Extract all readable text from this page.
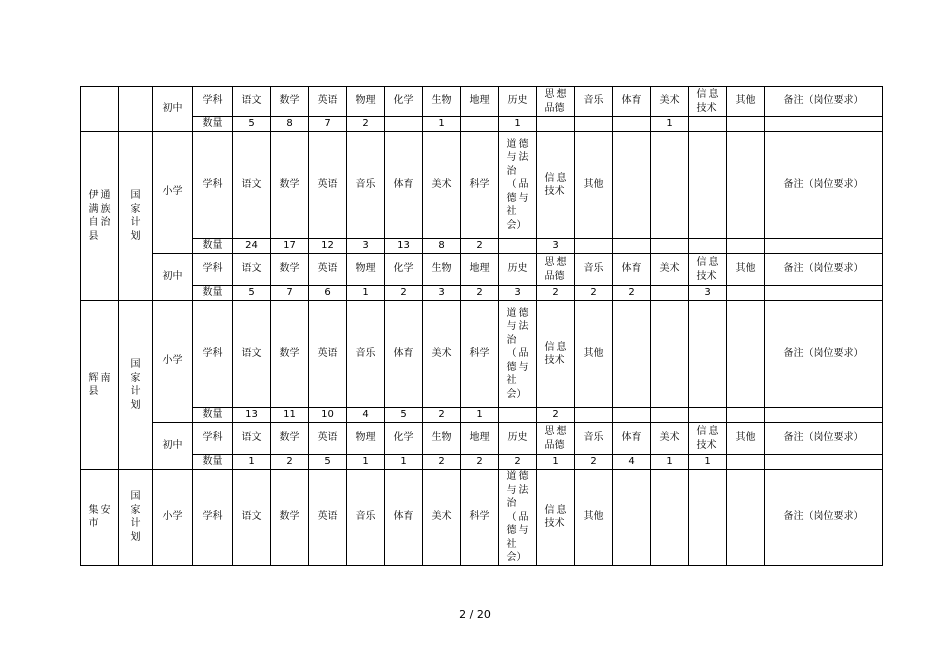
		初中	学科	语文	数学	英语	物理	化学	生物	地理	历史	思想品德	音乐	体育	美术	信息技术	其他	备注（岗位要求）
			数量	5	8	7	2		1		1				1			

伊通满族自治县	国家计划	小学	学科	语文	数学	英语	音乐	体育	美术	科学	道德与法治（品德与社会）	信息技术	其他					备注（岗位要求）
			数量	24	17	12	3	13	8	2		3						
		初中	学科	语文	数学	英语	物理	化学	生物	地理	历史	思想品德	音乐	体育	美术	信息技术	其他	备注（岗位要求）
			数量	5	7	6	1	2	3	2	3	2	2	2		3		

辉南县	国家计划	小学	学科	语文	数学	英语	音乐	体育	美术	科学	道德与法治（品德与社会）	信息技术	其他					备注（岗位要求）
			数量	13	11	10	4	5	2	1		2						
		初中	学科	语文	数学	英语	物理	化学	生物	地理	历史	思想品德	音乐	体育	美术	信息技术	其他	备注（岗位要求）
			数量	1	2	5	1	1	2	2	2	1	2	4	1	1		

集安市	国家计划	小学	学科	语文	数学	英语	音乐	体育	美术	科学	道德与法治（品德与社会）	信息技术	其他					备注（岗位要求）
2 / 20
